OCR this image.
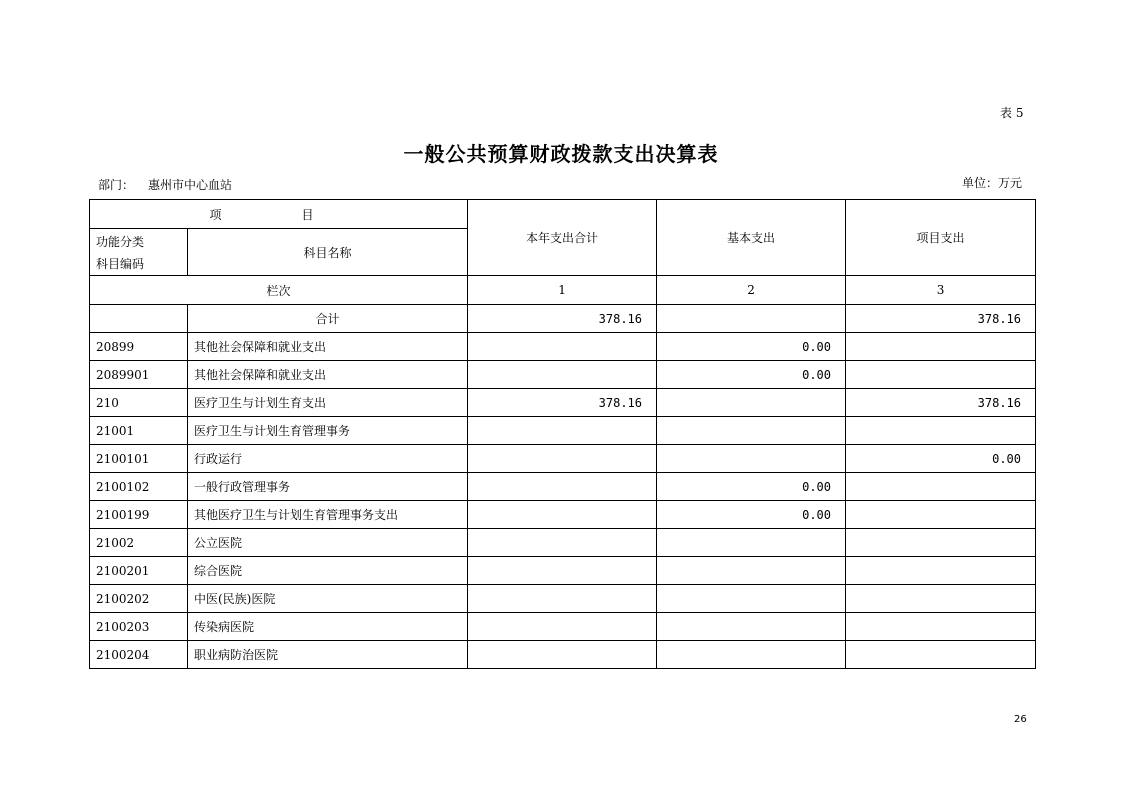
表 5
一般公共预算财政拨款支出决算表
部门： 惠州市中心血站	单位：万元
项　目		本年支出合计	基本支出	项目支出

功能分类
科目编码	科目名称			
栏次		1	2	3
	合计	378.16		378.16
20899	其他社会保障和就业支出		0.00	
2089901	其他社会保障和就业支出		0.00	
210	医疗卫生与计划生育支出	378.16		378.16
21001	医疗卫生与计划生育管理事务			
2100101	行政运行			0.00
2100102	一般行政管理事务		0.00	
2100199	其他医疗卫生与计划生育管理事务支出		0.00	
21002	公立医院			
2100201	综合医院			
2100202	中医(民族)医院			
2100203	传染病医院			
2100204	职业病防治医院			
26
